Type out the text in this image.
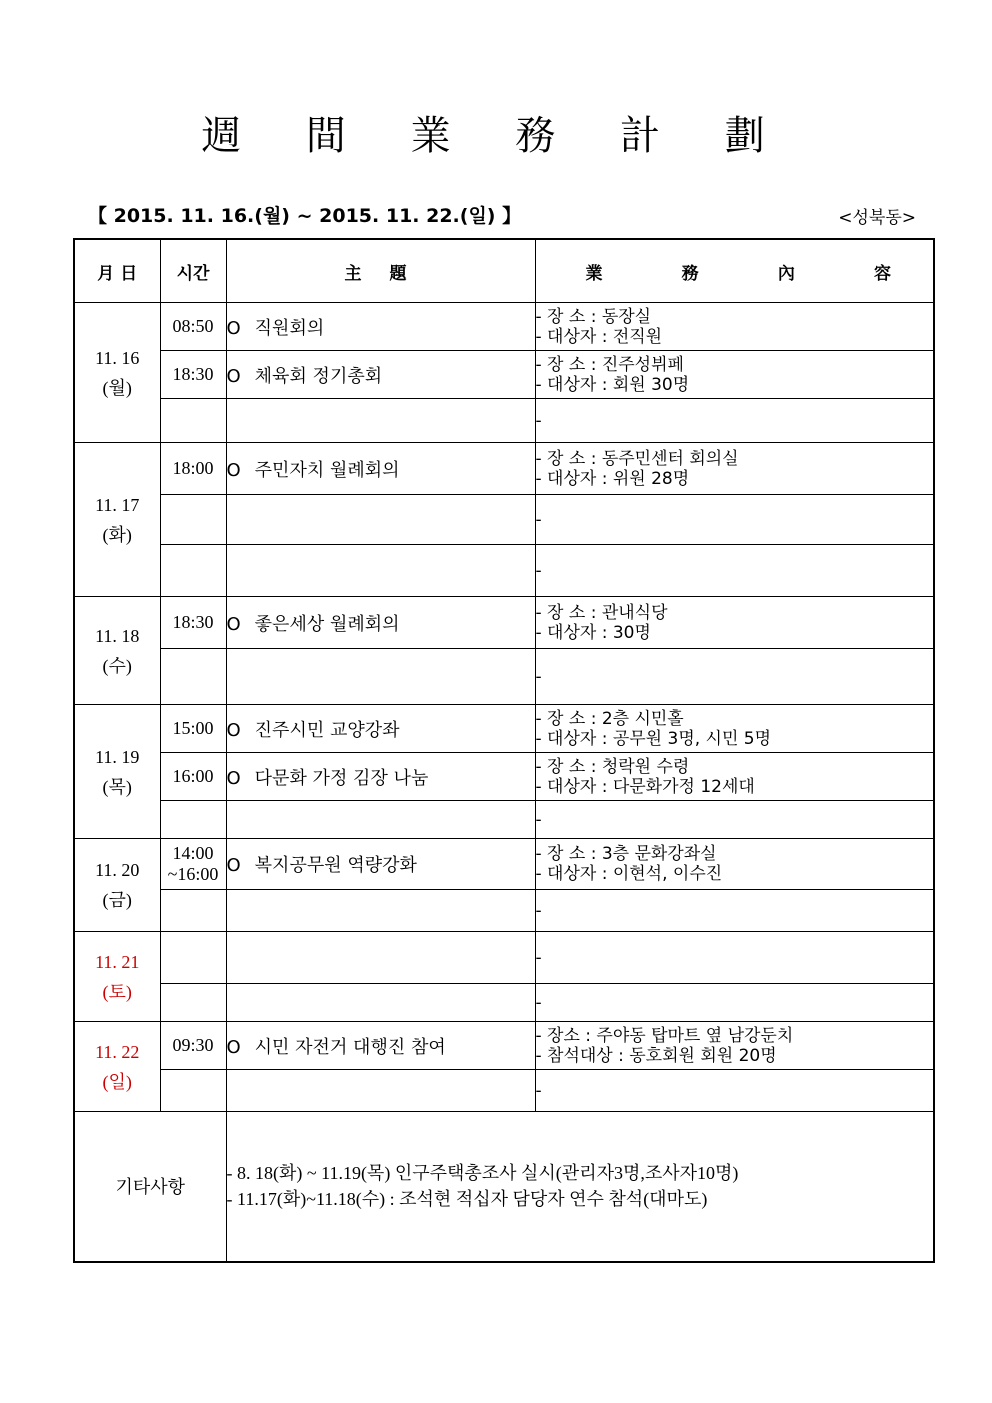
週 間 業 務 計 劃
【 2015. 11. 16.(월) ~ 2015. 11. 22.(일) 】	<성북동>
月 日	시간	主 題	業 務 內 容

11. 16
(월)	08:50	O 직원회의	- 장 소 : 동장실
- 대상자 : 전직원

	18:30	O 체육회 정기총회	- 장 소 : 진주성뷔페
- 대상자 : 회원 30명

			-

11. 17
(화)	18:00	O 주민자치 월례회의	- 장 소 : 동주민센터 회의실
- 대상자 : 위원 28명

			-

			-

11. 18
(수)	18:30	O 좋은세상 월례회의	- 장 소 : 관내식당
- 대상자 : 30명

			-

11. 19
(목)	15:00	O 진주시민 교양강좌	- 장 소 : 2층 시민홀
- 대상자 : 공무원 3명, 시민 5명

	16:00	O 다문화 가정 김장 나눔	- 장 소 : 청락원 수령
- 대상자 : 다문화가정 12세대

			-

11. 20
(금)	14:00
~16:00	O 복지공무원 역량강화	- 장 소 : 3층 문화강좌실
- 대상자 : 이현석, 이수진

			-

11. 21
(토)			-

			-

11. 22
(일)	09:30	O 시민 자전거 대행진 참여	- 장소 : 주야동 탑마트 옆 남강둔치
- 참석대상 : 동호회원 회원 20명

			-

기타사항		- 8. 18(화) ~ 11.19(목) 인구주택총조사 실시(관리자3명,조사자10명)
- 11.17(화)~11.18(수) : 조석현 적십자 담당자 연수 참석(대마도)	
